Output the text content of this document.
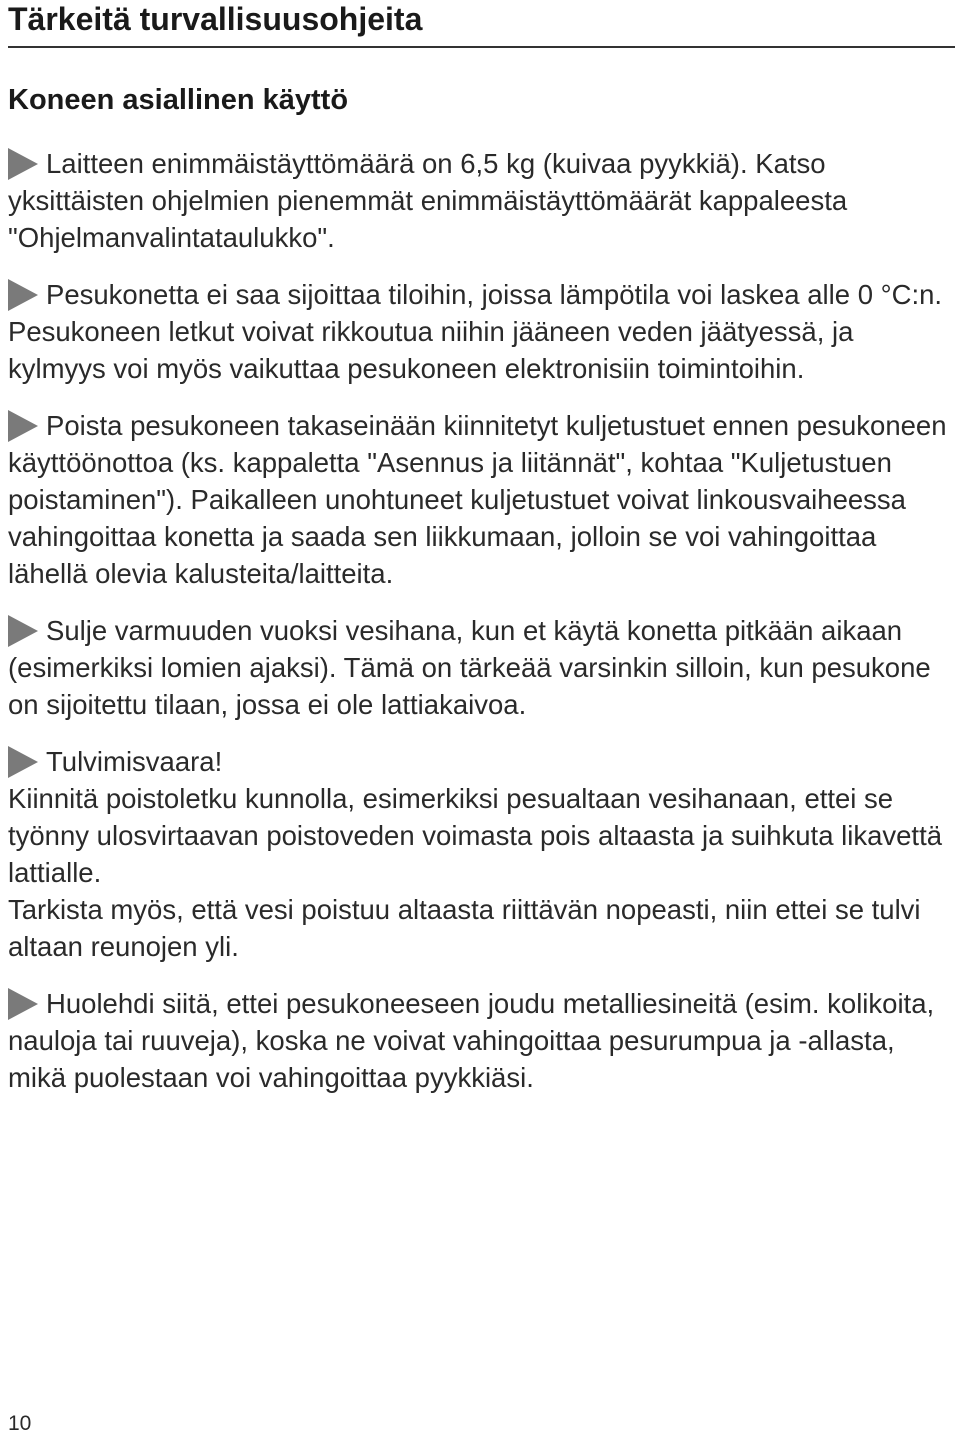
Tärkeitä turvallisuusohjeita
Koneen asiallinen käyttö

Laitteen enimmäistäyttömäärä on 6,5 kg (kuivaa pyykkiä). Katso yksittäisten ohjelmien pienemmät enimmäistäyttömäärät kappaleesta "Ohjelmanvalintataulukko".

Pesukonetta ei saa sijoittaa tiloihin, joissa lämpötila voi laskea alle 0 °C:n. Pesukoneen letkut voivat rikkoutua niihin jääneen veden jäätyessä, ja kylmyys voi myös vaikuttaa pesukoneen elektronisiin toimintoihin.

Poista pesukoneen takaseinään kiinnitetyt kuljetustuet ennen pesukoneen käyttöönottoa (ks. kappaletta "Asennus ja liitännät", kohtaa "Kuljetustuen poistaminen"). Paikalleen unohtuneet kuljetustuet voivat linkousvaiheessa vahingoittaa konetta ja saada sen liikkumaan, jolloin se voi vahingoittaa lähellä olevia kalusteita/laitteita.

Sulje varmuuden vuoksi vesihana, kun et käytä konetta pitkään aikaan (esimerkiksi lomien ajaksi). Tämä on tärkeää varsinkin silloin, kun pesukone on sijoitettu tilaan, jossa ei ole lattiakaivoa.

Tulvimisvaara!

Kiinnitä poistoletku kunnolla, esimerkiksi pesualtaan vesihanaan, ettei se työnny ulosvirtaavan poistoveden voimasta pois altaasta ja suihkuta likavettä lattialle.

Tarkista myös, että vesi poistuu altaasta riittävän nopeasti, niin ettei se tulvi altaan reunojen yli.

Huolehdi siitä, ettei pesukoneeseen joudu metalliesineitä (esim. kolikoita, nauloja tai ruuveja), koska ne voivat vahingoittaa pesurumpua ja -allasta, mikä puolestaan voi vahingoittaa pyykkiäsi.

10
